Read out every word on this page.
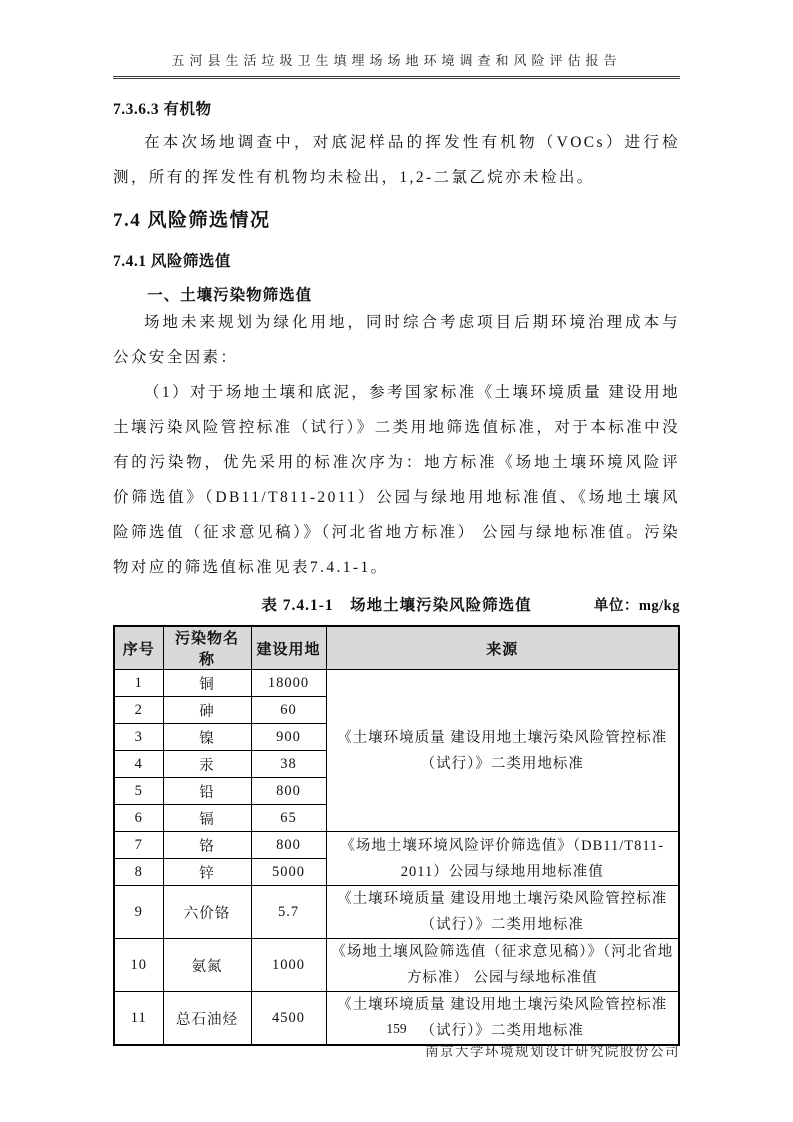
五河县生活垃圾卫生填埋场场地环境调查和风险评估报告
7.3.6.3 有机物

在本次场地调查中，对底泥样品的挥发性有机物（VOCs）进行检测，所有的挥发性有机物均未检出，1,2-二氯乙烷亦未检出。

7.4 风险筛选情况
7.4.1 风险筛选值
一、土壤污染物筛选值

场地未来规划为绿化用地，同时综合考虑项目后期环境治理成本与公众安全因素：

（1）对于场地土壤和底泥，参考国家标准《土壤环境质量 建设用地土壤污染风险管控标准（试行）》二类用地筛选值标准，对于本标准中没有的污染物，优先采用的标准次序为：地方标准《场地土壤环境风险评价筛选值》（DB11/T811-2011）公园与绿地用地标准值、《场地土壤风险筛选值（征求意见稿）》（河北省地方标准） 公园与绿地标准值。污染物对应的筛选值标准见表7.4.1-1。

表 7.4.1-1　场地土壤污染风险筛选值	单位：mg/kg
序号	污染物名称	建设用地	来源
1	铜	18000	《土壤环境质量 建设用地土壤污染风险管控标准（试行）》二类用地标准
2	砷	60	
3	镍	900	
4	汞	38	
5	铅	800	
6	镉	65	
7	铬	800	《场地土壤环境风险评价筛选值》（DB11/T811-2011）公园与绿地用地标准值
8	锌	5000	
9	六价铬	5.7	《土壤环境质量 建设用地土壤污染风险管控标准（试行）》二类用地标准
10	氨氮	1000	《场地土壤风险筛选值（征求意见稿）》（河北省地方标准） 公园与绿地标准值
11	总石油烃	4500	《土壤环境质量 建设用地土壤污染风险管控标准（试行）》二类用地标准
159
南京大学环境规划设计研究院股份公司
